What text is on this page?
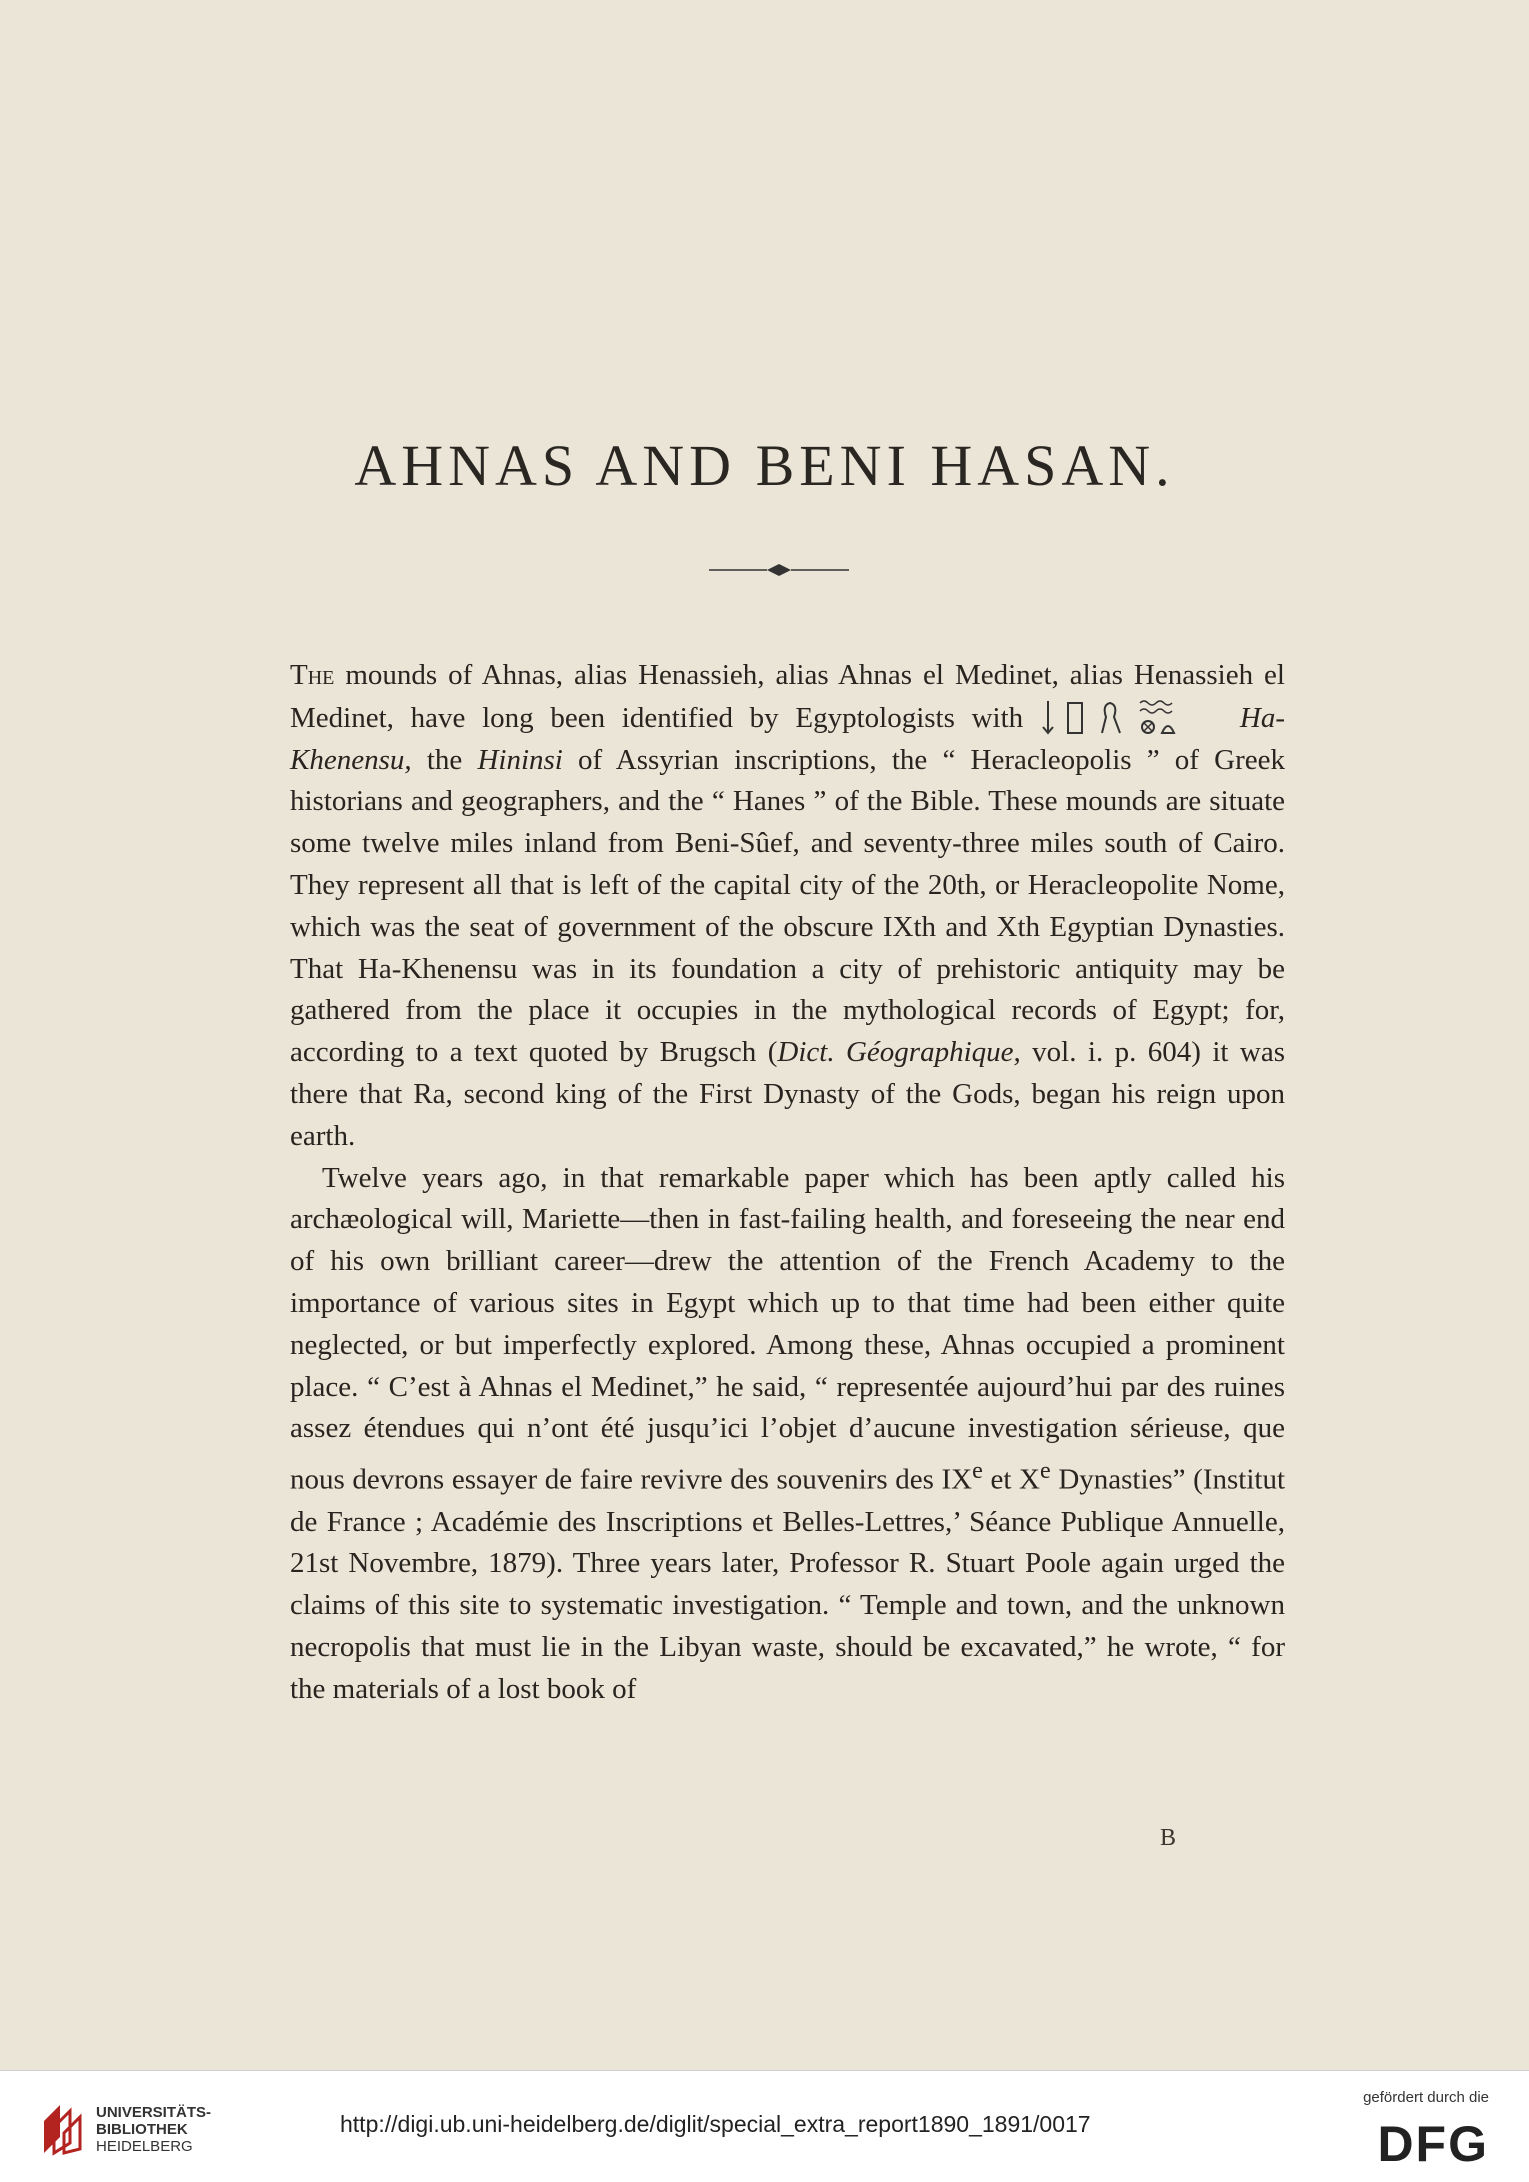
AHNAS AND BENI HASAN.

The mounds of Ahnas, alias Henassieh, alias Ahnas el Medinet, alias Henassieh el Medinet, have long been identified by Egyptologists with	Ha-Khenensu, the Hininsi of Assyrian inscriptions, the “ Heracleopolis ” of Greek historians and geographers, and the “ Hanes ” of the Bible. These mounds are situate some twelve miles inland from Beni-Sûef, and seventy-three miles south of Cairo. They represent all that is left of the capital city of the 20th, or Heracleopolite Nome, which was the seat of government of the obscure IXth and Xth Egyptian Dynasties. That Ha-Khenensu was in its foundation a city of prehistoric antiquity may be gathered from the place it occupies in the mythological records of Egypt; for, according to a text quoted by Brugsch (Dict. Géographique, vol. i. p. 604) it was there that Ra, second king of the First Dynasty of the Gods, began his reign upon earth.

Twelve years ago, in that remarkable paper which has been aptly called his archæological will, Mariette—then in fast-failing health, and foreseeing the near end of his own brilliant career—drew the attention of the French Academy to the importance of various sites in Egypt which up to that time had been either quite neglected, or but imperfectly explored. Among these, Ahnas occupied a prominent place. “ C’est à Ahnas el Medinet,” he said, “ representée aujourd’hui par des ruines assez étendues qui n’ont été jusqu’ici l’objet d’aucune investigation sérieuse, que nous devrons essayer de faire revivre des souvenirs des IXe et Xe Dynasties” (Institut de France ; Académie des Inscriptions et Belles-Lettres,’ Séance Publique Annuelle, 21st Novembre, 1879). Three years later, Professor R. Stuart Poole again urged the claims of this site to systematic investigation. “ Temple and town, and the unknown necropolis that must lie in the Libyan waste, should be excavated,” he wrote, “ for the materials of a lost book of

B
UNIVERSITÄTS-
BIBLIOTHEK
HEIDELBERG
http://digi.ub.uni-heidelberg.de/diglit/special_extra_report1890_1891/0017
gefördert durch die
DFG
